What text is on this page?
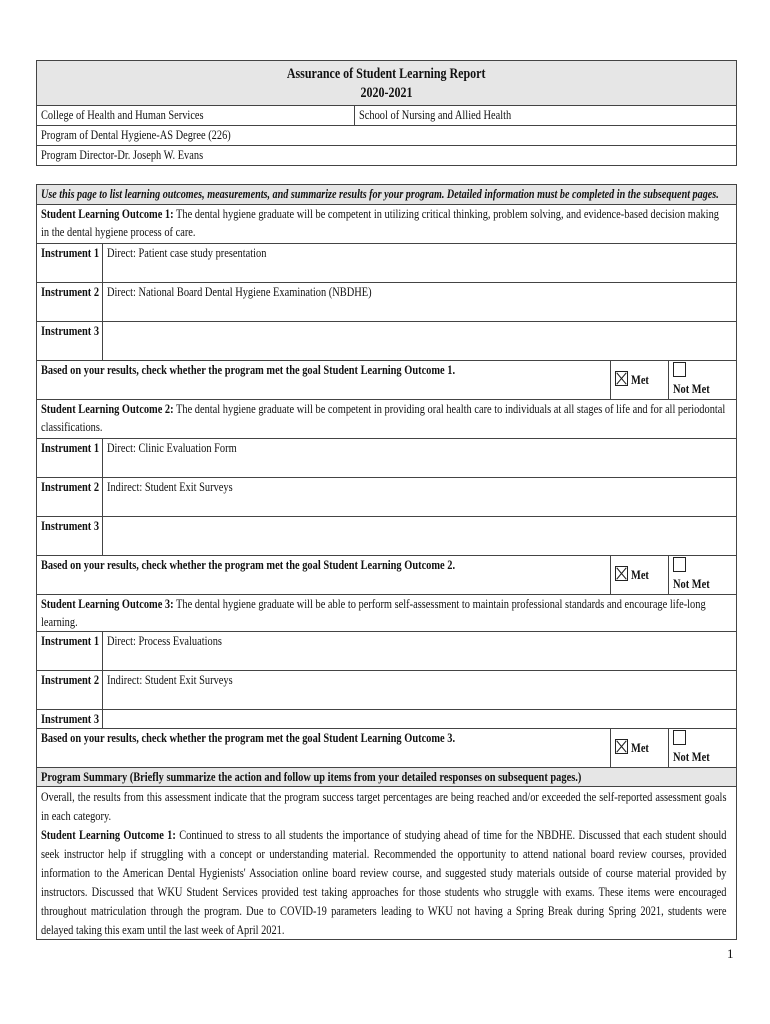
Assurance of Student Learning Report
2020-2021

College of Health and Human Services	School of Nursing and Allied Health
Program of Dental Hygiene-AS Degree (226)
Program Director-Dr. Joseph W. Evans
Use this page to list learning outcomes, measurements, and summarize results for your program. Detailed information must be completed in the subsequent pages.			

Student Learning Outcome 1: The dental hygiene graduate will be competent in utilizing critical thinking, problem solving, and evidence-based decision making in the dental hygiene process of care.			

Instrument 1	Direct: Patient case study presentation		
Instrument 2	Direct: National Board Dental Hygiene Examination (NBDHE)		
Instrument 3			
Based on your results, check whether the program met the goal Student Learning Outcome 1.		Met	Not Met

Student Learning Outcome 2: The dental hygiene graduate will be competent in providing oral health care to individuals at all stages of life and for all periodontal classifications.			

Instrument 1	Direct: Clinic Evaluation Form		
Instrument 2	Indirect: Student Exit Surveys		
Instrument 3			
Based on your results, check whether the program met the goal Student Learning Outcome 2.		Met	Not Met

Student Learning Outcome 3: The dental hygiene graduate will be able to perform self-assessment to maintain professional standards and encourage life-long learning.			

Instrument 1	Direct: Process Evaluations		
Instrument 2	Indirect: Student Exit Surveys		
Instrument 3			
Based on your results, check whether the program met the goal Student Learning Outcome 3.		Met	Not Met
Program Summary (Briefly summarize the action and follow up items from your detailed responses on subsequent pages.)			

Overall, the results from this assessment indicate that the program success target percentages are being reached and/or exceeded the self-reported assessment goals in each category.
Student Learning Outcome 1: Continued to stress to all students the importance of studying ahead of time for the NBDHE. Discussed that each student should seek instructor help if struggling with a concept or understanding material. Recommended the opportunity to attend national board review courses, provided information to the American Dental Hygienists' Association online board review course, and suggested study materials outside of course material provided by instructors. Discussed that WKU Student Services provided test taking approaches for those students who struggle with exams. These items were encouraged throughout matriculation through the program. Due to COVID-19 parameters leading to WKU not having a Spring Break during Spring 2021, students were delayed taking this exam until the last week of April 2021.			
1
